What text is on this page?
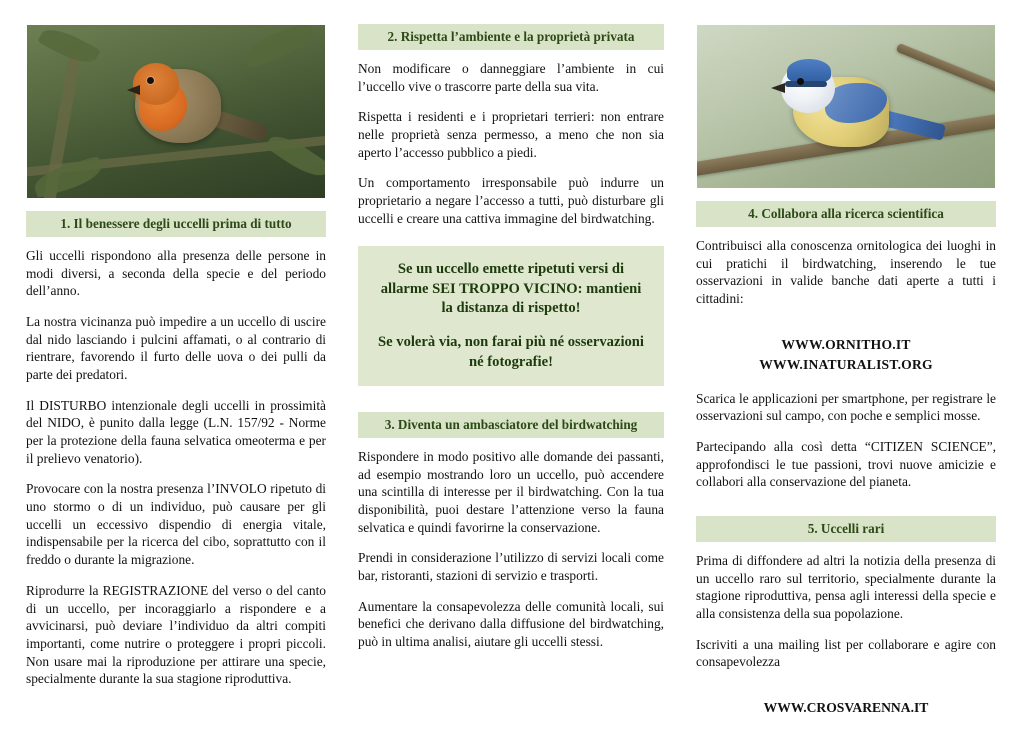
1. Il benessere degli uccelli prima di tutto

Gli uccelli rispondono alla presenza delle persone in modi diversi, a seconda della specie e del periodo dell’anno.

La nostra vicinanza può impedire a un uccello di uscire dal nido lasciando i pulcini affamati, o al contrario di rientrare, favorendo il furto delle uova o dei pulli da parte dei predatori.

Il DISTURBO intenzionale degli uccelli in prossimità del NIDO, è punito dalla legge (L.N. 157/92 - Norme per la protezione della fauna selvatica omeoterma e per il prelievo venatorio).

Provocare con la nostra presenza l’INVOLO ripetuto di uno stormo o di un individuo, può causare per gli uccelli un eccessivo dispendio di energia vitale, indispensabile per la ricerca del cibo, soprattutto con il freddo o durante la migrazione.

Riprodurre la REGISTRAZIONE del verso o del canto di un uccello, per incoraggiarlo a rispondere e a avvicinarsi, può deviare l’individuo da altri compiti importanti, come nutrire o proteggere i propri piccoli. Non usare mai la riproduzione per attirare una specie, specialmente durante la sua stagione riproduttiva.

2. Rispetta l’ambiente e la proprietà privata

Non modificare o danneggiare l’ambiente in cui l’uccello vive o trascorre parte della sua vita.

Rispetta i residenti e i proprietari terrieri: non entrare nelle proprietà senza permesso, a meno che non sia aperto l’accesso pubblico a piedi.

Un comportamento irresponsabile può indurre un proprietario a negare l’accesso a tutti, può disturbare gli uccelli e creare una cattiva immagine del birdwatching.

Se un uccello emette ripetuti versi di allarme SEI TROPPO VICINO: mantieni la distanza di rispetto!

Se volerà via, non farai più né osservazioni né fotografie!

3. Diventa un ambasciatore del birdwatching

Rispondere in modo positivo alle domande dei passanti, ad esempio mostrando loro un uccello, può accendere una scintilla di interesse per il birdwatching. Con la tua disponibilità, puoi destare l’attenzione verso la fauna selvatica e quindi favorirne la conservazione.

Prendi in considerazione l’utilizzo di servizi locali come bar, ristoranti, stazioni di servizio e trasporti.

Aumentare la consapevolezza delle comunità locali, sui benefici che derivano dalla diffusione del birdwatching, può in ultima analisi, aiutare gli uccelli stessi.

4. Collabora alla ricerca scientifica

Contribuisci alla conoscenza ornitologica dei luoghi in cui pratichi il birdwatching, inserendo le tue osservazioni in valide banche dati aperte a tutti i cittadini:

WWW.ORNITHO.IT
WWW.INATURALIST.ORG

Scarica le applicazioni per smartphone, per registrare le osservazioni sul campo, con poche e semplici mosse.

Partecipando alla così detta “CITIZEN SCIENCE”, approfondisci le tue passioni, trovi nuove amicizie e collabori alla conservazione del pianeta.

5. Uccelli rari

Prima di diffondere ad altri la notizia della presenza di un uccello raro sul territorio, specialmente durante la stagione riproduttiva, pensa agli interessi della specie e alla consistenza della sua popolazione.

Iscriviti a una mailing list per collaborare e agire con consapevolezza

WWW.CROSVARENNA.IT
